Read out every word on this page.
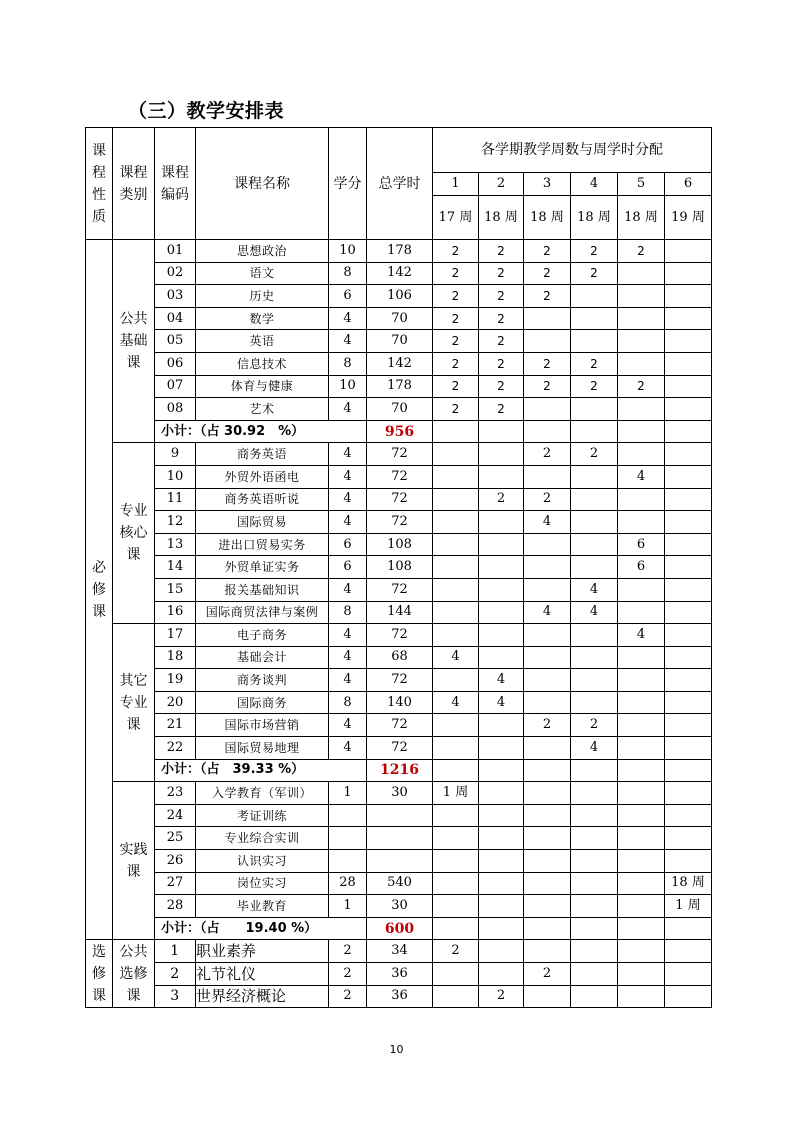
（三）教学安排表
课程性质	课程类别	课程编码	课程名称	学分	总学时	各学期教学周数与周学时分配					
						1	2	3	4	5	6
						17 周	18 周	18 周	18 周	18 周	19 周
必修课	公共基础课	01	思想政治	10	178	2	2	2	2	2	
		02	语文	8	142	2	2	2	2		
		03	历史	6	106	2	2	2			
		04	数学	4	70	2	2				
		05	英语	4	70	2	2				
		06	信息技术	8	142	2	2	2	2		
		07	体育与健康	10	178	2	2	2	2	2	
		08	艺术	4	70	2	2				
		小计：（占 30.92　%）			956						
	专业核心课	9	商务英语	4	72			2	2		
		10	外贸外语函电	4	72					4	
		11	商务英语听说	4	72		2	2			
		12	国际贸易	4	72			4			
		13	进出口贸易实务	6	108					6	
		14	外贸单证实务	6	108					6	
		15	报关基础知识	4	72				4		
		16	国际商贸法律与案例	8	144			4	4		
	其它专业课	17	电子商务	4	72					4	
		18	基础会计	4	68	4					
		19	商务谈判	4	72		4				
		20	国际商务	8	140	4	4				
		21	国际市场营销	4	72			2	2		
		22	国际贸易地理	4	72				4		
		小计：（占　39.33 %）			1216						
	实践课	23	入学教育（军训）	1	30	1 周					
		24	考证训练								
		25	专业综合实训								
		26	认识实习								
		27	岗位实习	28	540						18 周
		28	毕业教育	1	30						1 周
		小计：（占　　19.40 %）			600						
选修课	公共选修课	1	职业素养	2	34	2					
		2	礼节礼仪	2	36			2			
		3	世界经济概论	2	36		2				
10
